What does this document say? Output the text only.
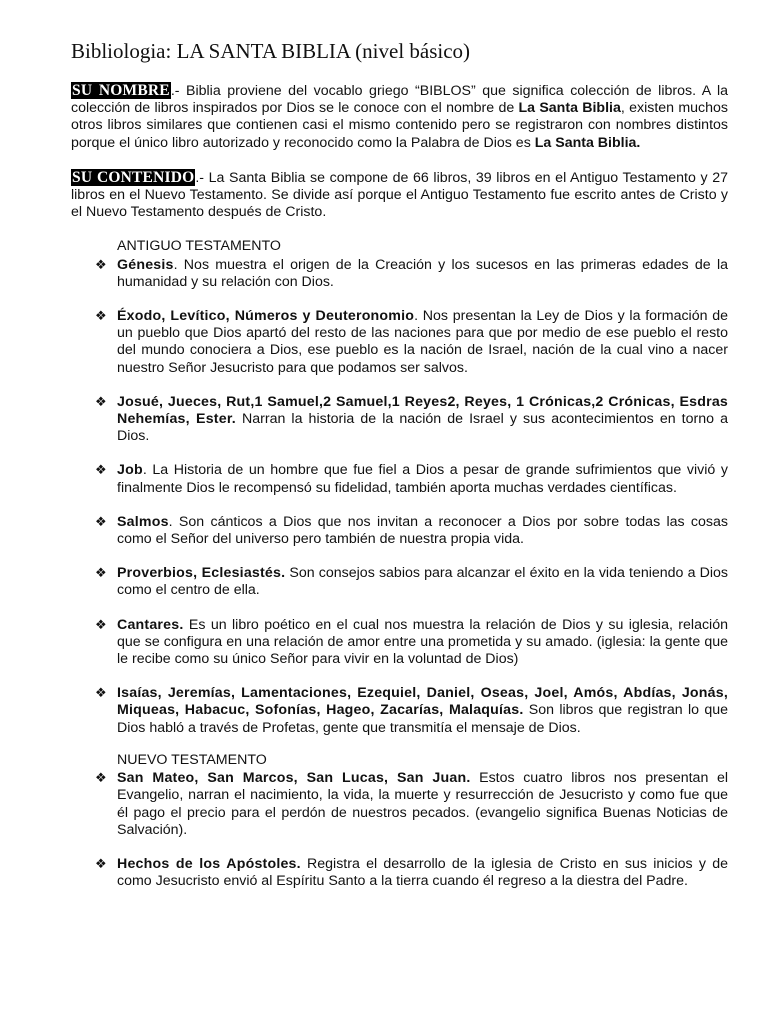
Bibliologia: LA SANTA BIBLIA (nivel básico)

SU NOMBRE.- Biblia proviene del vocablo griego “BIBLOS” que significa colección de libros. A la colección de libros inspirados por Dios se le conoce con el nombre de La Santa Biblia, existen muchos otros libros similares que contienen casi el mismo contenido pero se registraron con nombres distintos porque el único libro autorizado y reconocido como la Palabra de Dios es La Santa Biblia.

SU CONTENIDO.- La Santa Biblia se compone de 66 libros, 39 libros en el Antiguo Testamento y 27 libros en el Nuevo Testamento. Se divide así porque el Antiguo Testamento fue escrito antes de Cristo y el Nuevo Testamento después de Cristo.

ANTIGUO TESTAMENTO
❖ Génesis. Nos muestra el origen de la Creación y los sucesos en las primeras edades de la humanidad y su relación con Dios.
❖ Éxodo, Levítico, Números y Deuteronomio. Nos presentan la Ley de Dios y la formación de un pueblo que Dios apartó del resto de las naciones para que por medio de ese pueblo el resto del mundo conociera a Dios, ese pueblo es la nación de Israel, nación de la cual vino a nacer nuestro Señor Jesucristo para que podamos ser salvos.
❖ Josué, Jueces, Rut,1 Samuel,2 Samuel,1 Reyes2, Reyes, 1 Crónicas,2 Crónicas, Esdras Nehemías, Ester. Narran la historia de la nación de Israel y sus acontecimientos en torno a Dios.
❖ Job. La Historia de un hombre que fue fiel a Dios a pesar de grande sufrimientos que vivió y finalmente Dios le recompensó su fidelidad, también aporta muchas verdades científicas.
❖ Salmos. Son cánticos a Dios que nos invitan a reconocer a Dios por sobre todas las cosas como el Señor del universo pero también de nuestra propia vida.
❖ Proverbios, Eclesiastés. Son consejos sabios para alcanzar el éxito en la vida teniendo a Dios como el centro de ella.
❖ Cantares. Es un libro poético en el cual nos muestra la relación de Dios y su iglesia, relación que se configura en una relación de amor entre una prometida y su amado. (iglesia: la gente que le recibe como su único Señor para vivir en la voluntad de Dios)
❖ Isaías, Jeremías, Lamentaciones, Ezequiel, Daniel, Oseas, Joel, Amós, Abdías, Jonás, Miqueas, Habacuc, Sofonías, Hageo, Zacarías, Malaquías. Son libros que registran lo que Dios habló a través de Profetas, gente que transmitía el mensaje de Dios.
NUEVO TESTAMENTO
❖ San Mateo, San Marcos, San Lucas, San Juan. Estos cuatro libros nos presentan el Evangelio, narran el nacimiento, la vida, la muerte y resurrección de Jesucristo y como fue que él pago el precio para el perdón de nuestros pecados. (evangelio significa Buenas Noticias de Salvación).
❖ Hechos de los Apóstoles. Registra el desarrollo de la iglesia de Cristo en sus inicios y de como Jesucristo envió al Espíritu Santo a la tierra cuando él regreso a la diestra del Padre.
